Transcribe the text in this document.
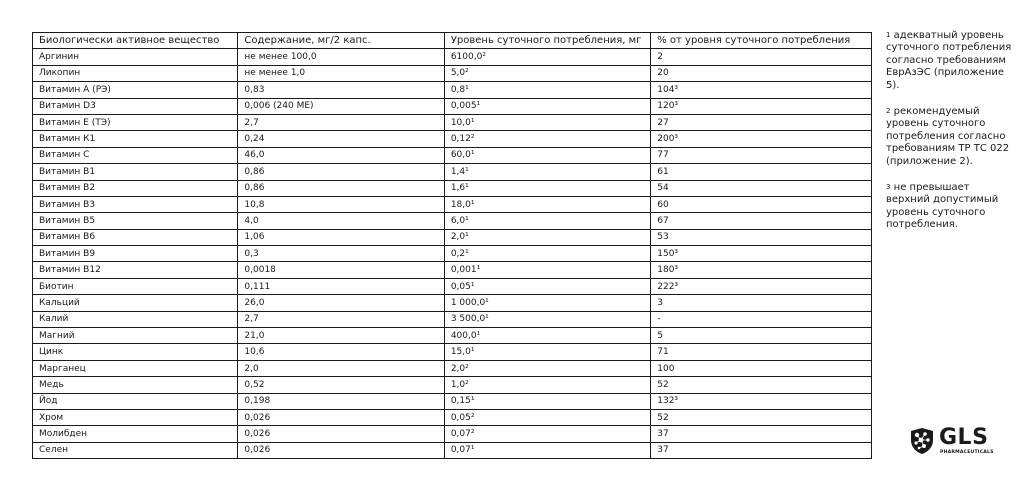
Биологически активное вещество	Содержание, мг/2 капс.	Уровень суточного потребления, мг	% от уровня суточного потребления
Аргинин	не менее 100,0	6100,0²	2
Ликопин	не менее 1,0	5,0²	20
Витамин А (РЭ)	0,83	0,8¹	104³
Витамин D3	0,006 (240 МЕ)	0,005¹	120³
Витамин Е (ТЭ)	2,7	10,0¹	27
Витамин К1	0,24	0,12²	200³
Витамин С	46,0	60,0¹	77
Витамин В1	0,86	1,4¹	61
Витамин В2	0,86	1,6¹	54
Витамин В3	10,8	18,0¹	60
Витамин В5	4,0	6,0¹	67
Витамин В6	1,06	2,0¹	53
Витамин В9	0,3	0,2¹	150³
Витамин В12	0,0018	0,001¹	180³
Биотин	0,111	0,05¹	222³
Кальций	26,0	1 000,0¹	3
Калий	2,7	3 500,0¹	-
Магний	21,0	400,0¹	5
Цинк	10,6	15,0¹	71
Марганец	2,0	2,0²	100
Медь	0,52	1,0²	52
Йод	0,198	0,15¹	132³
Хром	0,026	0,05²	52
Молибден	0,026	0,07²	37
Селен	0,026	0,07¹	37
$^1$ адекватный уровень суточного потребления согласно требованиям ЕврАзЭС (приложение 5).
$^2$ рекомендуемый уровень суточного потребления согласно требованиям ТР ТС 022 (приложение 2).
$^3$ не превышает верхний допустимый уровень суточного потребления.
GLS
PHARMACEUTICALS
